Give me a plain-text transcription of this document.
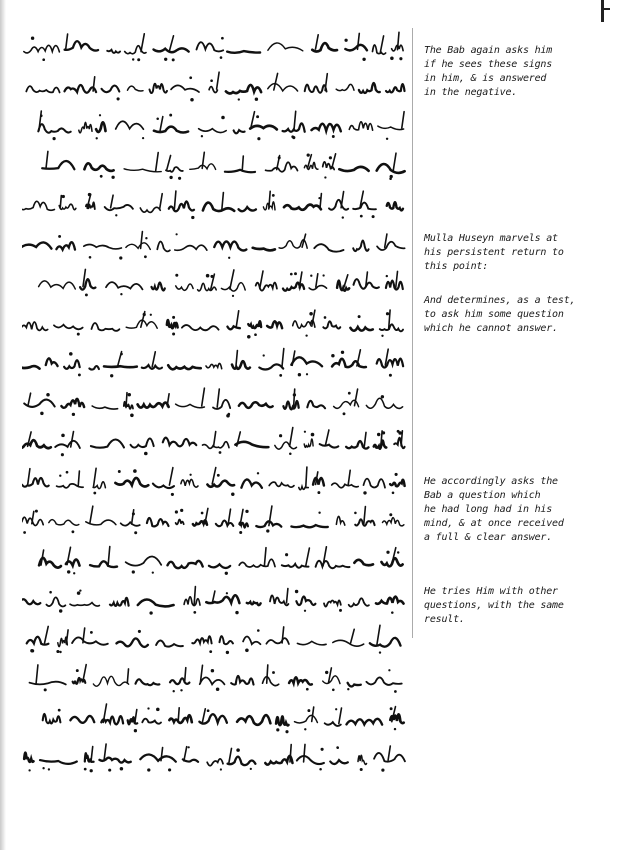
The Bab again asks him
if he sees these signs
in him, & is answered
in the negative.
Mulla Huseyn marvels at
his persistent return to
this point:
And determines, as a test,
to ask him some question
which he cannot answer.
He accordingly asks the
Bab a question which
he had long had in his
mind, & at once received
a full & clear answer.
He tries Him with other
questions, with the same
result.
